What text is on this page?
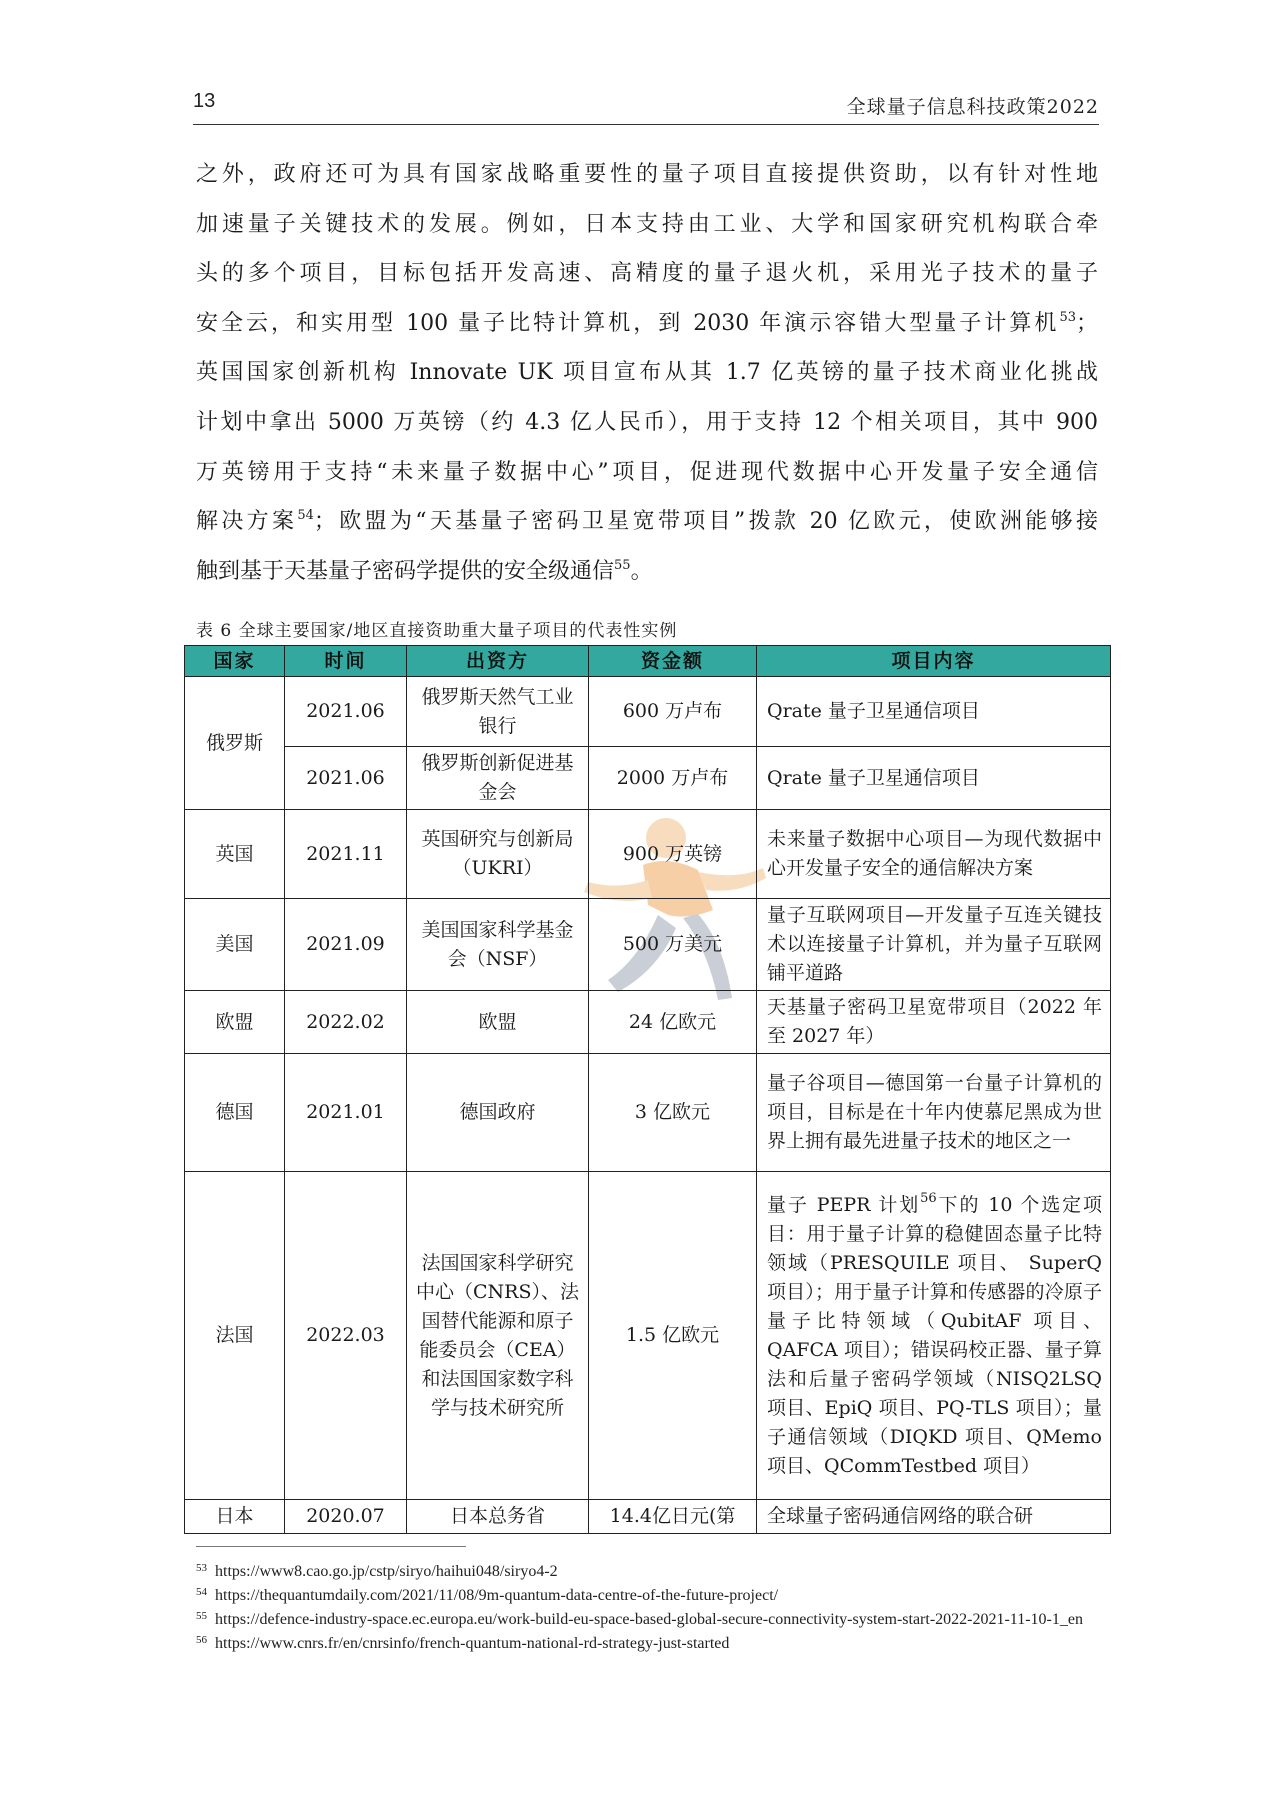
13	全球量子信息科技政策2022
之外，政府还可为具有国家战略重要性的量子项目直接提供资助，以有针对性地
加速量子关键技术的发展。例如，日本支持由工业、大学和国家研究机构联合牵
头的多个项目，目标包括开发高速、高精度的量子退火机，采用光子技术的量子
安全云，和实用型 100 量子比特计算机，到 2030 年演示容错大型量子计算机$^{53}$；
英国国家创新机构 Innovate UK 项目宣布从其 1.7 亿英镑的量子技术商业化挑战
计划中拿出 5000 万英镑（约 4.3 亿人民币），用于支持 12 个相关项目，其中 900
万英镑用于支持“未来量子数据中心”项目，促进现代数据中心开发量子安全通信
解决方案$^{54}$；欧盟为“天基量子密码卫星宽带项目”拨款 20 亿欧元，使欧洲能够接
触到基于天基量子密码学提供的安全级通信$^{55}$。
表 6 全球主要国家/地区直接资助重大量子项目的代表性实例
国家	时间	出资方	资金额	项目内容
俄罗斯	2021.06	俄罗斯天然气工业银行	600 万卢布	Qrate 量子卫星通信项目
	2021.06	俄罗斯创新促进基金会	2000 万卢布	Qrate 量子卫星通信项目
英国	2021.11	英国研究与创新局（UKRI）	900 万英镑	未来量子数据中心项目—为现代数据中心开发量子安全的通信解决方案
美国	2021.09	美国国家科学基金会（NSF）	500 万美元	量子互联网项目—开发量子互连关键技术以连接量子计算机，并为量子互联网铺平道路
欧盟	2022.02	欧盟	24 亿欧元	天基量子密码卫星宽带项目（2022 年至 2027 年）
德国	2021.01	德国政府	3 亿欧元	量子谷项目—德国第一台量子计算机的项目，目标是在十年内使慕尼黑成为世界上拥有最先进量子技术的地区之一
法国	2022.03	法国国家科学研究中心（CNRS）、法国替代能源和原子能委员会（CEA）和法国国家数字科学与技术研究所	1.5 亿欧元	量子 PEPR 计划$^{56}$下的 10 个选定项目：用于量子计算的稳健固态量子比特领域（PRESQUILE 项目、 SuperQ 项目）；用于量子计算和传感器的冷原子量子比特领域（QubitAF 项目、QAFCA 项目）；错误码校正器、量子算法和后量子密码学领域（NISQ2LSQ 项目、EpiQ 项目、PQ-TLS 项目）；量子通信领域（DIQKD 项目、QMemo 项目、QCommTestbed 项目）
日本	2020.07	日本总务省	14.4亿日元(第	全球量子密码通信网络的联合研
$^{53}$ https://www8.cao.go.jp/cstp/siryo/haihui048/siryo4-2
$^{54}$ https://thequantumdaily.com/2021/11/08/9m-quantum-data-centre-of-the-future-project/
$^{55}$ https://defence-industry-space.ec.europa.eu/work-build-eu-space-based-global-secure-connectivity-system-start-2022-2021-11-10-1_en
$^{56}$ https://www.cnrs.fr/en/cnrsinfo/french-quantum-national-rd-strategy-just-started
